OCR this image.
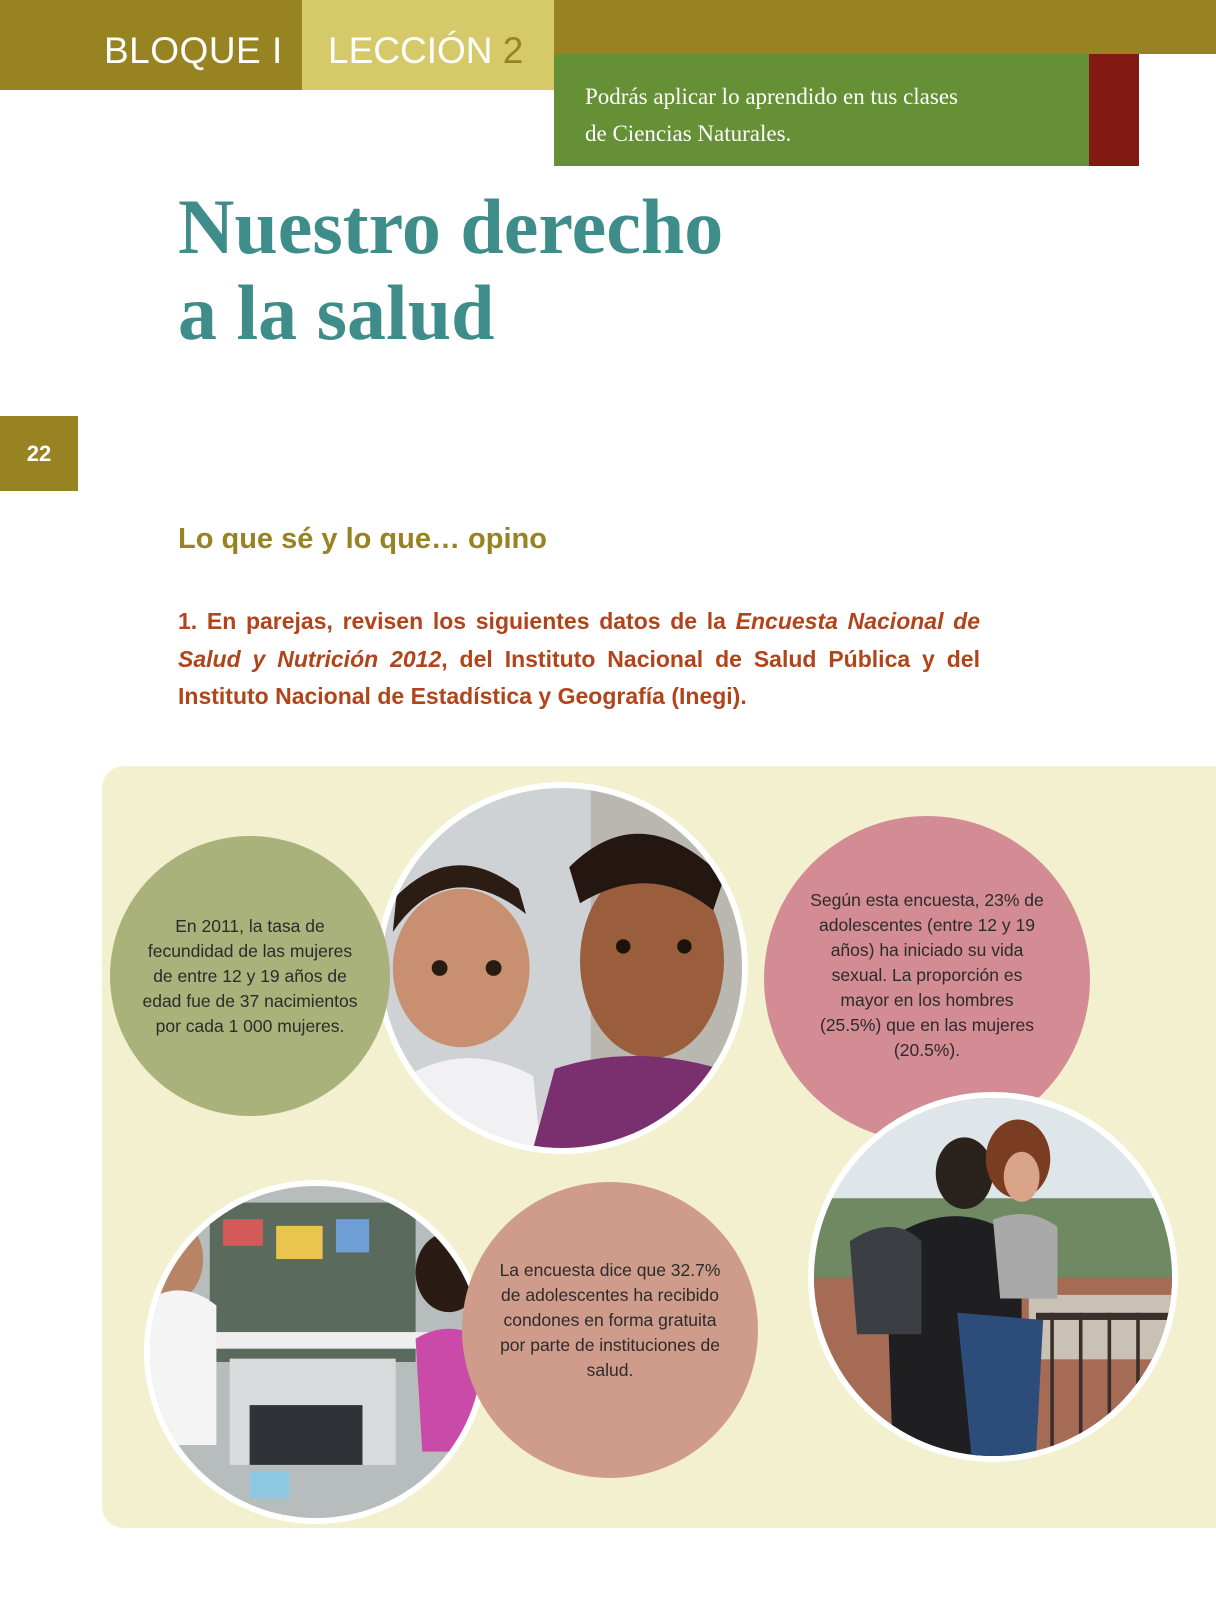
BLOQUE I LECCIÓN 2
Podrás aplicar lo aprendido en tus clases
de Ciencias Naturales.
Nuestro derecho
a la salud
22
Lo que sé y lo que… opino

1. En parejas, revisen los siguientes datos de la Encuesta Nacional de Salud y Nutrición 2012, del Instituto Nacional de Salud Pública y del Instituto Nacional de Estadística y Geografía (Inegi).

En 2011, la tasa de fecundidad de las mujeres de entre 12 y 19 años de edad fue de 37 nacimientos por cada 1 000 mujeres.
Según esta encuesta, 23% de adolescentes (entre 12 y 19 años) ha iniciado su vida sexual. La proporción es mayor en los hombres (25.5%) que en las mujeres (20.5%).
La encuesta dice que 32.7% de adolescentes ha recibido condones en forma gratuita por parte de instituciones de salud.
